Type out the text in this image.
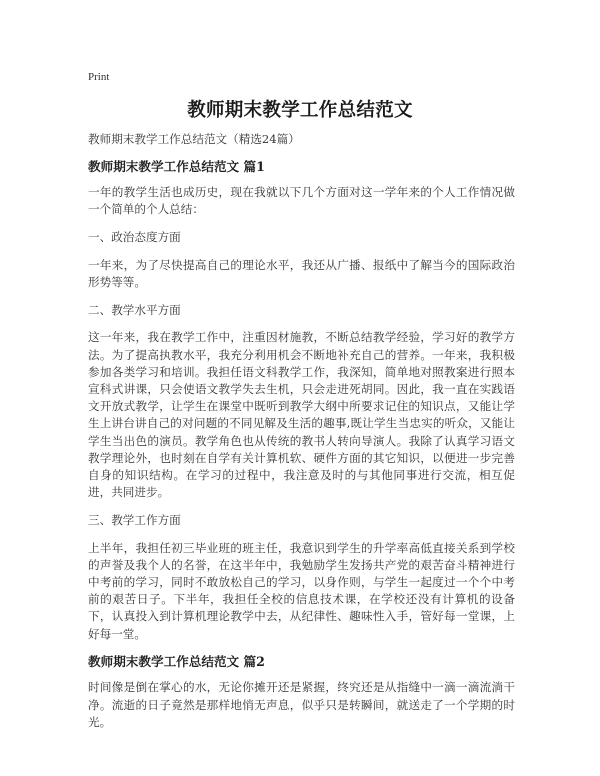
Print
教师期末教学工作总结范文
教师期末教学工作总结范文（精选24篇）
教师期末教学工作总结范文 篇1
一年的教学生活也成历史，现在我就以下几个方面对这一学年来的个人工作情况做一个简单的个人总结：
一、政治态度方面
一年来，为了尽快提高自己的理论水平，我还从广播、报纸中了解当今的国际政治形势等等。
二、教学水平方面
这一年来，我在教学工作中，注重因材施教，不断总结教学经验，学习好的教学方法。为了提高执教水平，我充分利用机会不断地补充自己的营养。一年来，我积极参加各类学习和培训。我担任语文科教学工作，我深知，简单地对照教案进行照本宣科式讲课，只会使语文教学失去生机，只会走进死胡同。因此，我一直在实践语文开放式教学，让学生在课堂中既听到教学大纲中所要求记住的知识点，又能让学生上讲台讲自己的对问题的不同见解及生活的趣事,既让学生当忠实的听众，又能让学生当出色的演员。教学角色也从传统的教书人转向导演人。我除了认真学习语文教学理论外，也时刻在自学有关计算机软、硬件方面的其它知识，以便进一步完善自身的知识结构。在学习的过程中，我注意及时的与其他同事进行交流，相互促进，共同进步。
三、教学工作方面
上半年，我担任初三毕业班的班主任，我意识到学生的升学率高低直接关系到学校的声誉及我个人的名誉，在这半年中，我勉励学生发扬共产党的艰苦奋斗精神进行中考前的学习，同时不敢放松自己的学习，以身作则，与学生一起度过一个个中考前的艰苦日子。下半年，我担任全校的信息技术课，在学校还没有计算机的设备下，认真投入到计算机理论教学中去，从纪律性、趣味性入手，管好每一堂课，上好每一堂。
教师期末教学工作总结范文 篇2
时间像是倒在掌心的水，无论你摊开还是紧握，终究还是从指缝中一滴一滴流淌干净。流逝的日子竟然是那样地悄无声息，似乎只是转瞬间，就送走了一个学期的时光。
